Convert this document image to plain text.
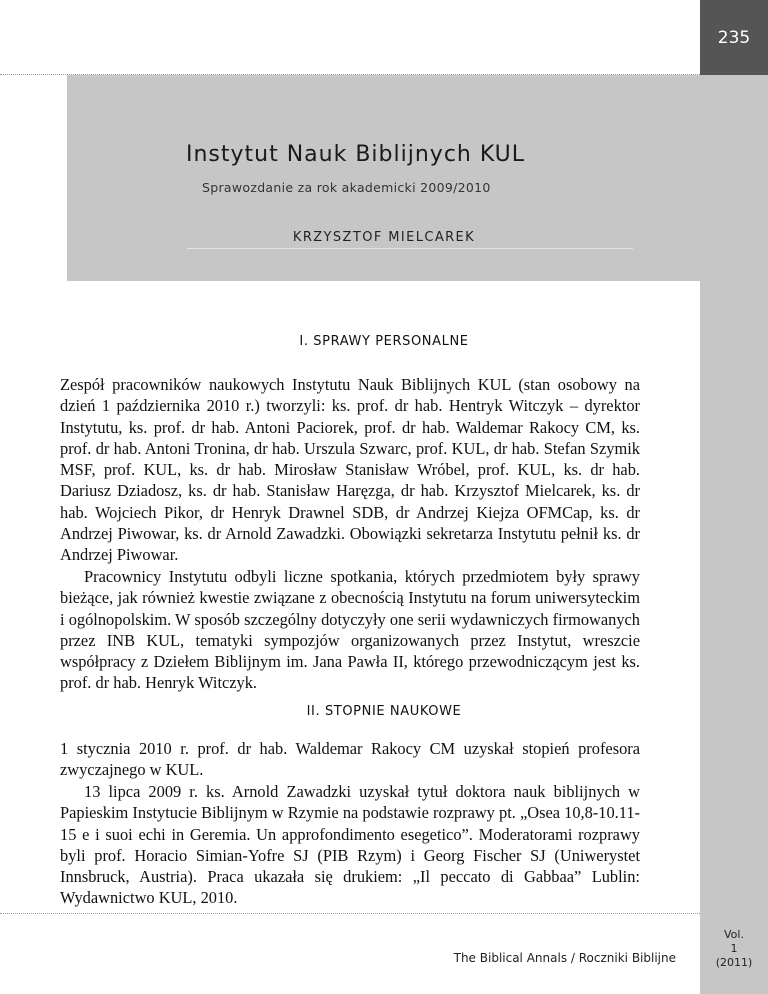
235
Instytut Nauk Biblijnych KUL
Sprawozdanie za rok akademicki 2009/2010
KRZYSZTOF MIELCAREK
I. SPRAWY PERSONALNE

Zespół pracowników naukowych Instytutu Nauk Biblijnych KUL (stan osobowy na dzień 1 października 2010 r.) tworzyli: ks. prof. dr hab. Hentryk Witczyk – dyrektor Instytutu, ks. prof. dr hab. Antoni Paciorek, prof. dr hab. Waldemar Rakocy CM, ks. prof. dr hab. Antoni Tronina, dr hab. Urszula Szwarc, prof. KUL, dr hab. Stefan Szymik MSF, prof. KUL, ks. dr hab. Mirosław Stanisław Wróbel, prof. KUL, ks. dr hab. Dariusz Dziadosz, ks. dr hab. Stanisław Haręzga, dr hab. Krzysztof Mielcarek, ks. dr hab. Wojciech Pikor, dr Henryk Drawnel SDB, dr Andrzej Kiejza OFMCap, ks. dr Andrzej Piwowar, ks. dr Arnold Zawadzki. Obowiązki sekretarza Instytutu pełnił ks. dr Andrzej Piwowar.

Pracownicy Instytutu odbyli liczne spotkania, których przedmiotem były sprawy bieżące, jak również kwestie związane z obecnością Instytutu na forum uniwersyteckim i ogólnopolskim. W sposób szczególny dotyczyły one serii wydawniczych firmowanych przez INB KUL, tematyki sympozjów organizowanych przez Instytut, wreszcie współpracy z Dziełem Biblijnym im. Jana Pawła II, którego przewodniczącym jest ks. prof. dr hab. Henryk Witczyk.

II. STOPNIE NAUKOWE

1 stycznia 2010 r. prof. dr hab. Waldemar Rakocy CM uzyskał stopień profesora zwyczajnego w KUL.

13 lipca 2009 r. ks. Arnold Zawadzki uzyskał tytuł doktora nauk biblijnych w Papieskim Instytucie Biblijnym w Rzymie na podstawie rozprawy pt. „Osea 10,8-10.11-15 e i suoi echi in Geremia. Un approfondimento esegetico”. Moderatorami rozprawy byli prof. Horacio Simian-Yofre SJ (PIB Rzym) i Georg Fischer SJ (Uniwerystet Innsbruck, Austria). Praca ukazała się drukiem: „Il peccato di Gabbaa” Lublin: Wydawnictwo KUL, 2010.

The Biblical Annals / Roczniki Biblijne
Vol.
1
(2011)
